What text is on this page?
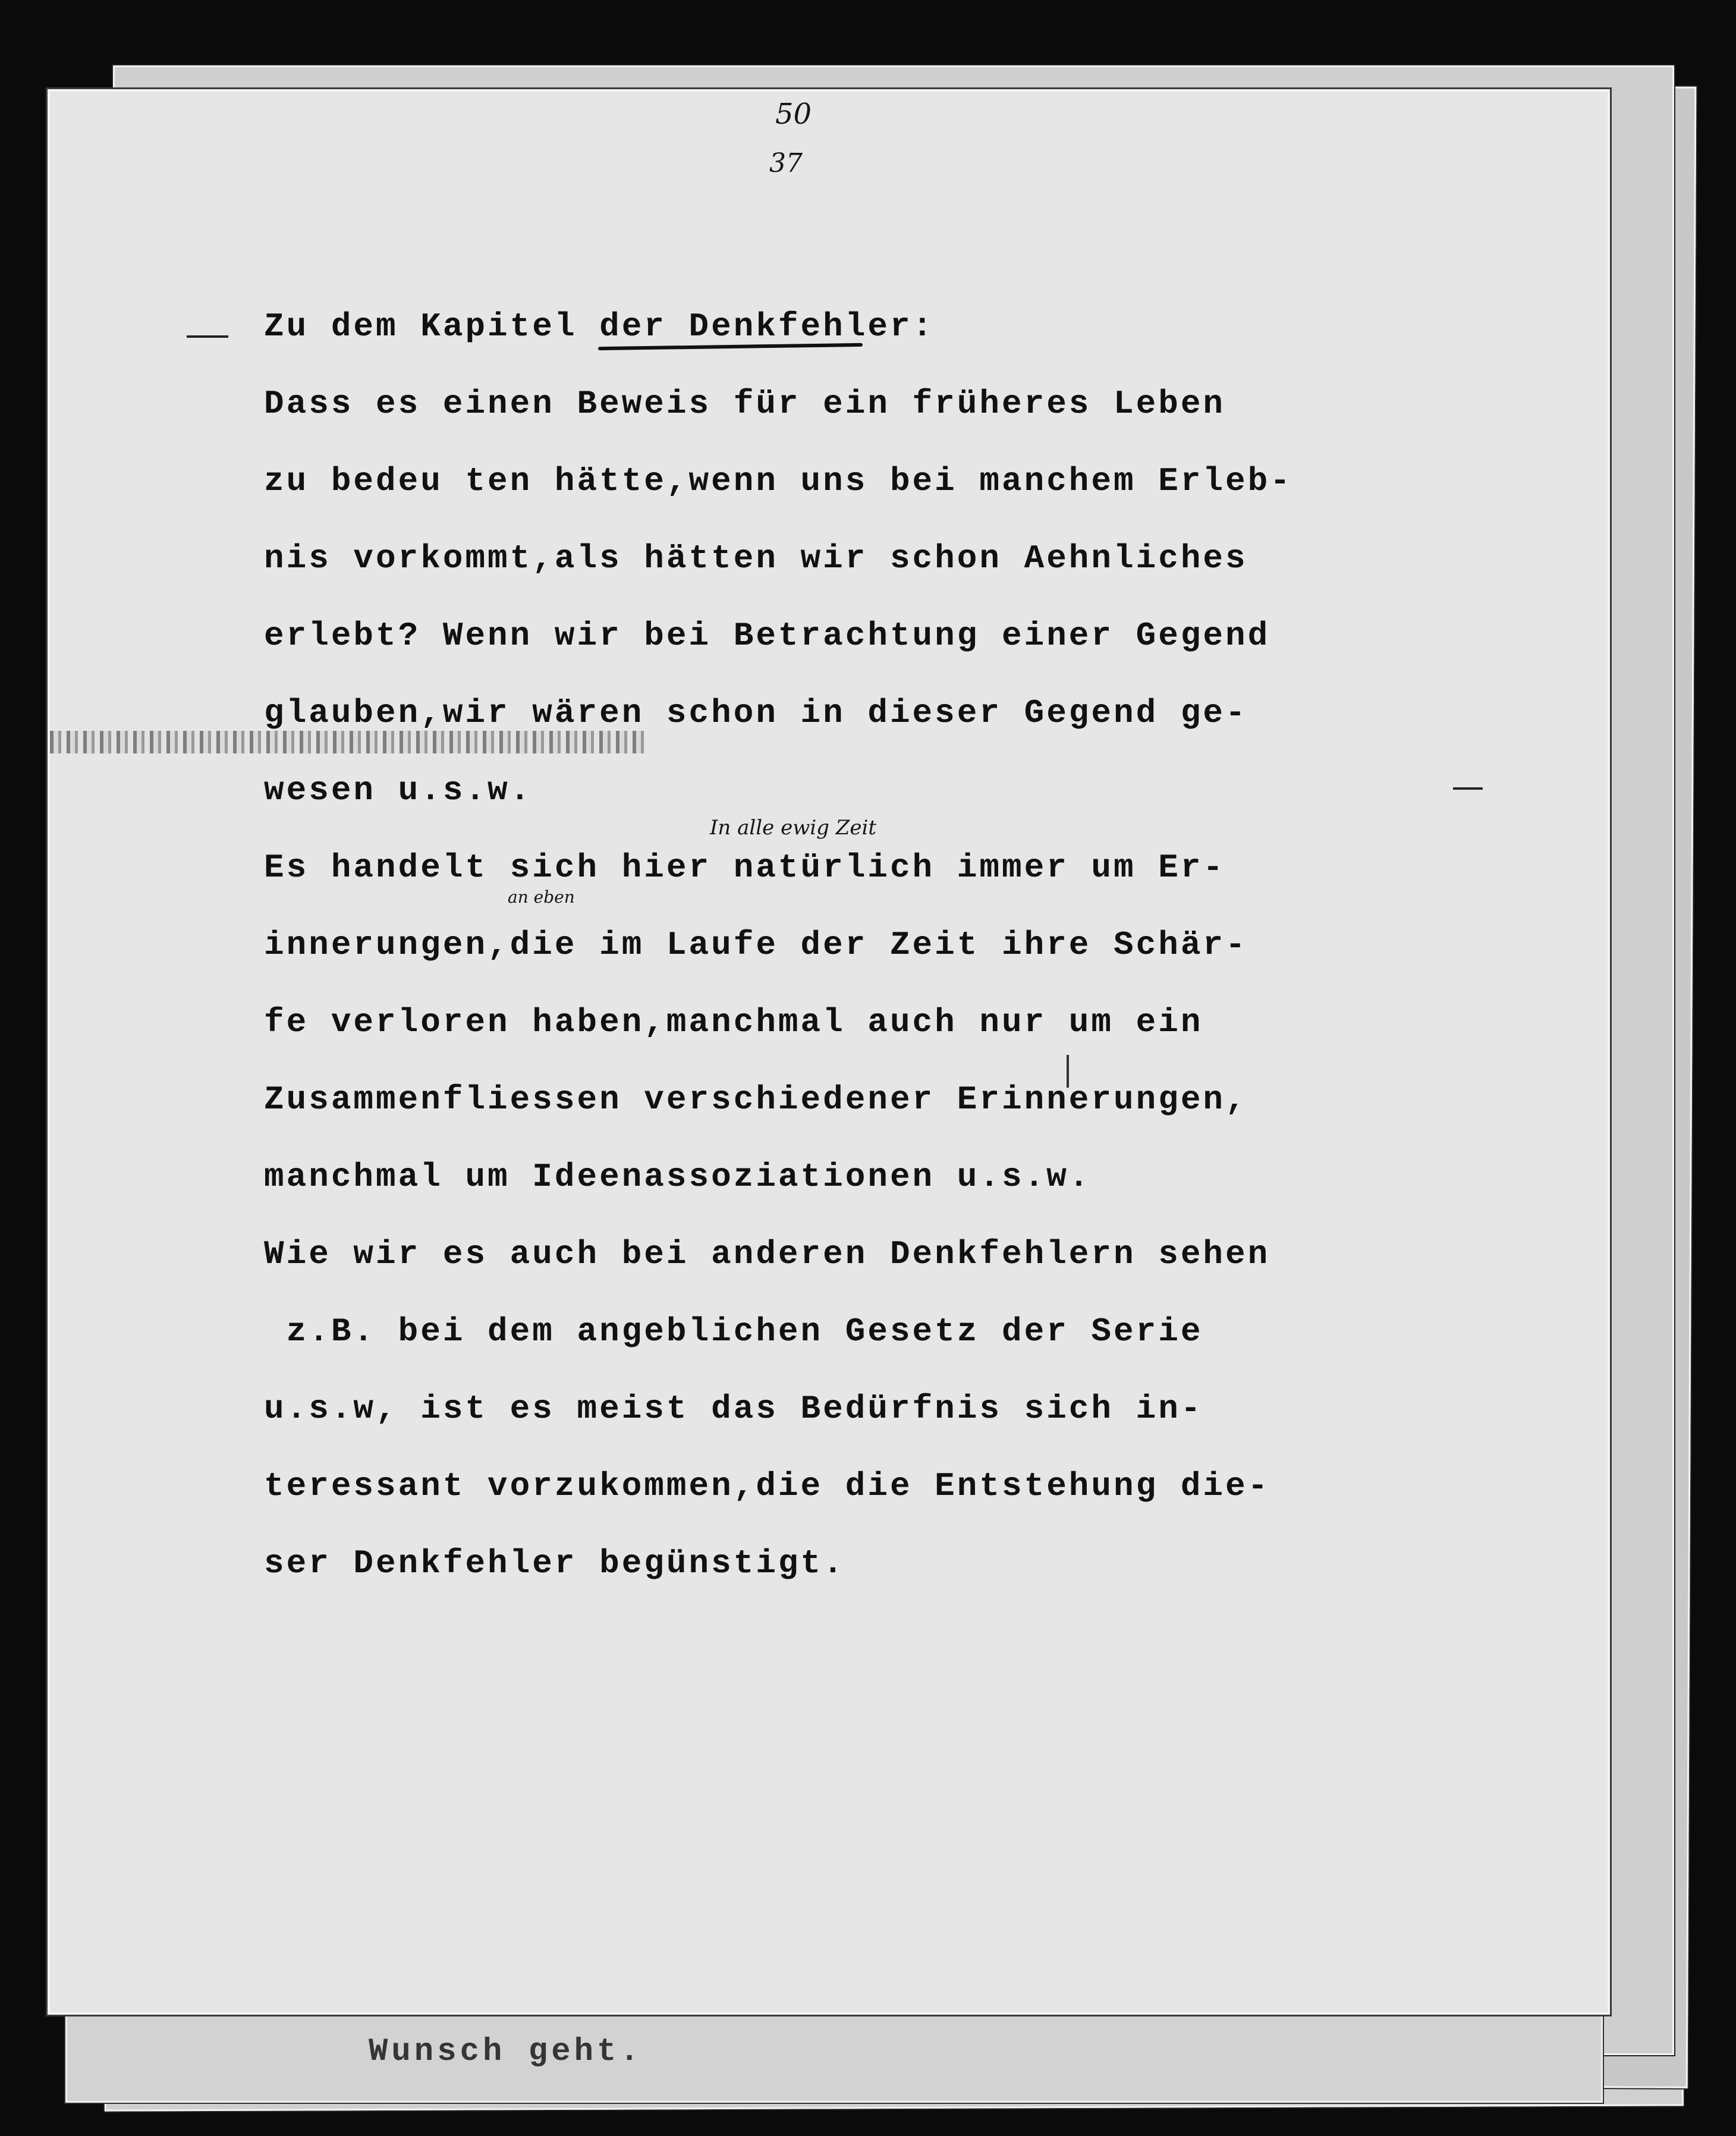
Wunsch geht.
50
37
Zu dem Kapitel der Denkfehler:
Dass es einen Beweis für ein früheres Leben
zu bedeu ten hätte,wenn uns bei manchem Erleb-
nis vorkommt,als hätten wir schon Aehnliches
erlebt? Wenn wir bei Betrachtung einer Gegend
glauben,wir wären schon in dieser Gegend ge-
wesen u.s.w.
Es handelt sich hier natürlich immer um Er-
innerungen,die im Laufe der Zeit ihre Schär-
fe verloren haben,manchmal auch nur um ein
Zusammenfliessen verschiedener Erinnerungen,
manchmal um Ideenassoziationen u.s.w.
Wie wir es auch bei anderen Denkfehlern sehen
z.B. bei dem angeblichen Gesetz der Serie
u.s.w, ist es meist das Bedürfnis sich in-
teressant vorzukommen,die die Entstehung die-
ser Denkfehler begünstigt.
In alle ewig Zeit
an eben
